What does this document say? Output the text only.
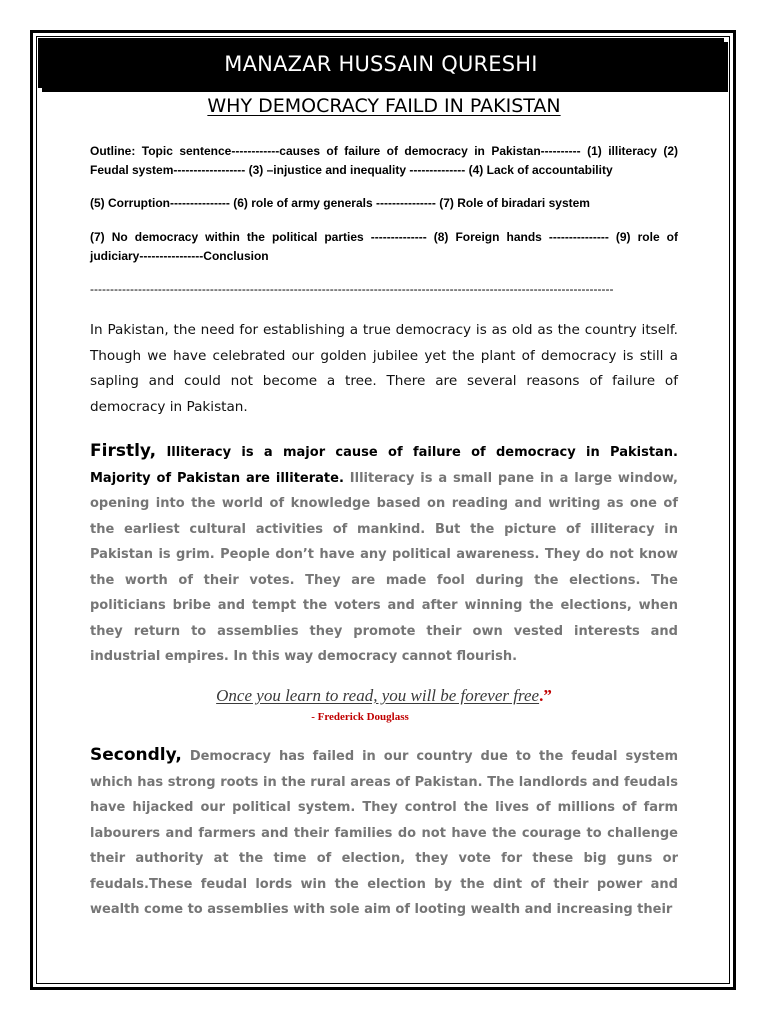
MANAZAR HUSSAIN QURESHI
WHY DEMOCRACY FAILD IN PAKISTAN
Outline: Topic sentence------------causes of failure of democracy in Pakistan---------- (1) illiteracy (2) Feudal system------------------ (3) –injustice and inequality -------------- (4) Lack of accountability
(5) Corruption--------------- (6) role of army generals --------------- (7) Role of biradari system
(7) No democracy within the political parties -------------- (8) Foreign hands --------------- (9) role of judiciary----------------Conclusion
-----------------------------------------------------------------------------------------------------------------------------------
In Pakistan, the need for establishing a true democracy is as old as the country itself. Though we have celebrated our golden jubilee yet the plant of democracy is still a sapling and could not become a tree. There are several reasons of failure of democracy in Pakistan.
Firstly, Illiteracy is a major cause of failure of democracy in Pakistan. Majority of Pakistan are illiterate. Illiteracy is a small pane in a large window, opening into the world of knowledge based on reading and writing as one of the earliest cultural activities of mankind. But the picture of illiteracy in Pakistan is grim. People don’t have any political awareness. They do not know the worth of their votes. They are made fool during the elections. The politicians bribe and tempt the voters and after winning the elections, when they return to assemblies they promote their own vested interests and industrial empires. In this way democracy cannot flourish.
Once you learn to read, you will be forever free.”
- Frederick Douglass
Secondly, Democracy has failed in our country due to the feudal system which has strong roots in the rural areas of Pakistan. The landlords and feudals have hijacked our political system. They control the lives of millions of farm labourers and farmers and their families do not have the courage to challenge their authority at the time of election, they vote for these big guns or feudals.These feudal lords win the election by the dint of their power and wealth come to assemblies with sole aim of looting wealth and increasing their
